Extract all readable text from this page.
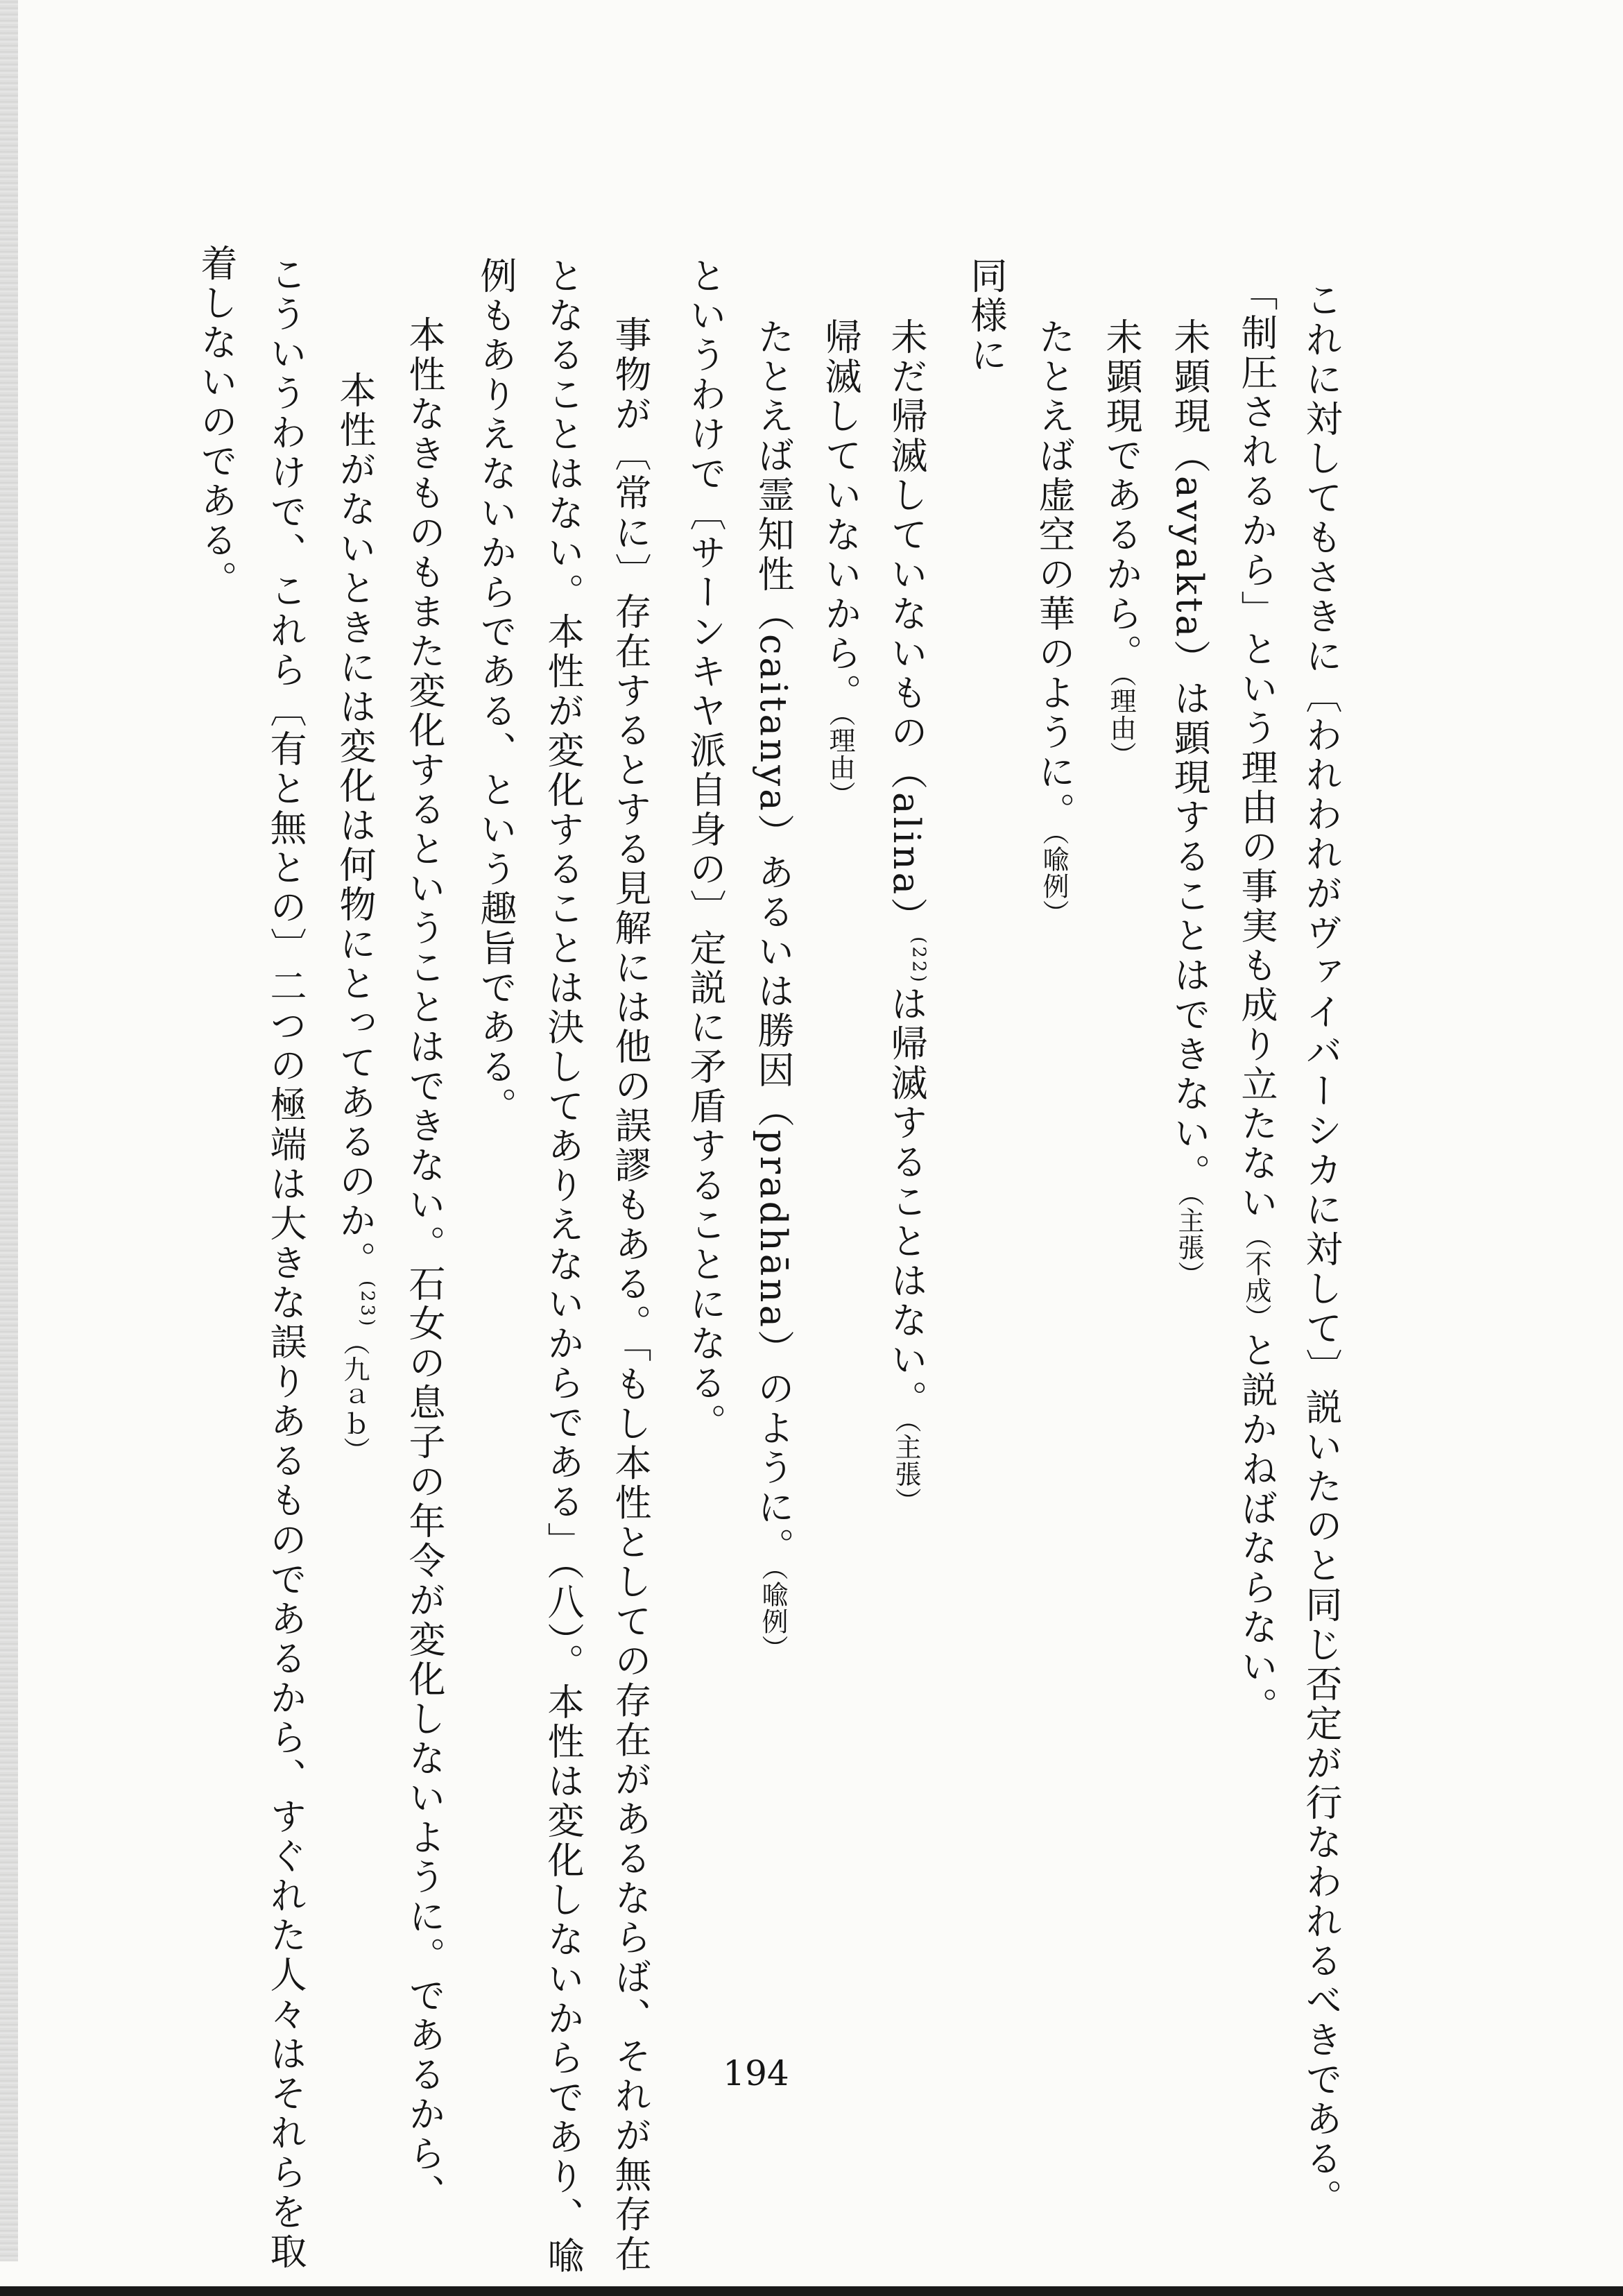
これに対してもさきに〔われわれがヴァイバーシカに対して〕説いたのと同じ否定が行なわれるべきである。
「制圧されるから」という理由の事実も成り立たない（不成）と説かねばならない。
未顕現（avyakta）は顕現することはできない。（主張）
未顕現であるから。（理由）
たとえば虚空の華のように。（喩例）
同様に
未だ帰滅していないもの（alina）$^{(22)}$は帰滅することはない。（主張）
帰滅していないから。（理由）
たとえば霊知性（caitanya）あるいは勝因（pradhāna）のように。（喩例）
というわけで〔サーンキヤ派自身の〕定説に矛盾することになる。
事物が〔常に〕存在するとする見解には他の誤謬もある。「もし本性としての存在があるならば、それが無存在
となることはない。本性が変化することは決してありえないからである」（八）。本性は変化しないからであり、喩
例もありえないからである、という趣旨である。
本性なきものもまた変化するということはできない。石女の息子の年令が変化しないように。であるから、
本性がないときには変化は何物にとってあるのか。$^{(23)}$（九ａｂ）
こういうわけで、これら〔有と無との〕二つの極端は大きな誤りあるものであるから、すぐれた人々はそれらを取
着しないのである。
194
